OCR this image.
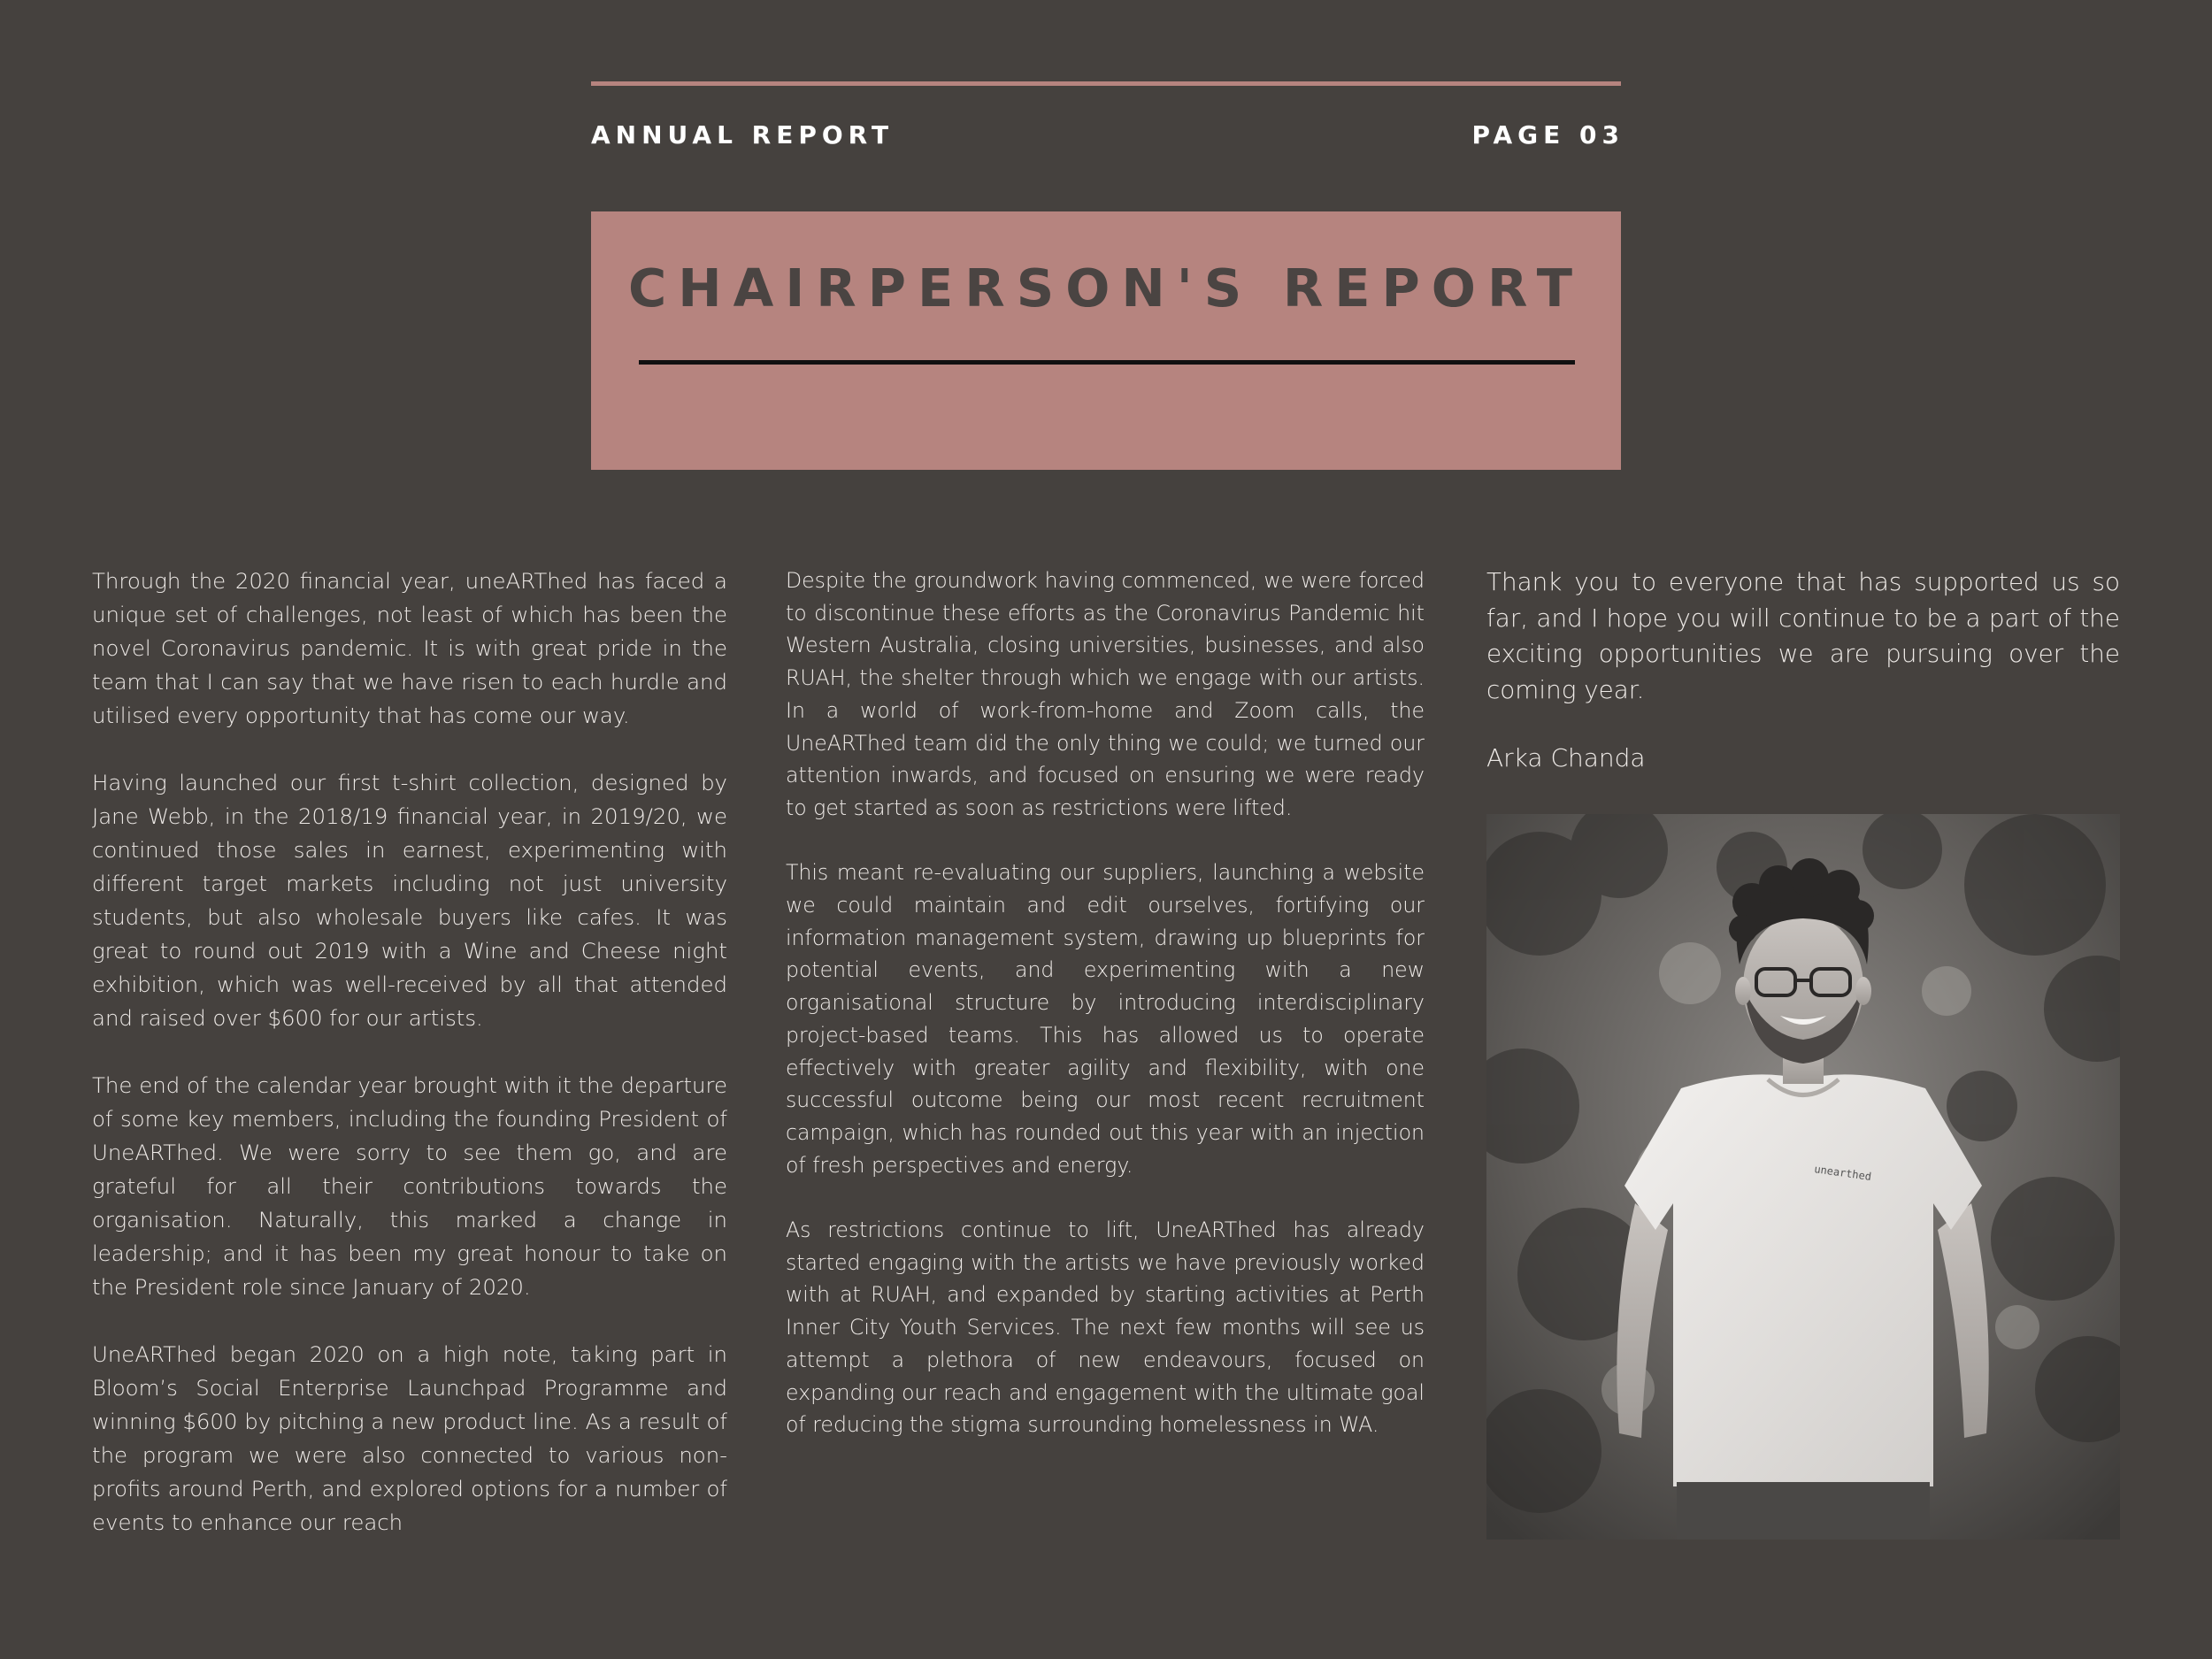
ANNUAL REPORT	PAGE 03
CHAIRPERSON'S REPORT

Through the 2020 financial year, uneARThed has faced a unique set of challenges, not least of which has been the novel Coronavirus pandemic. It is with great pride in the team that I can say that we have risen to each hurdle and utilised every opportunity that has come our way.

Having launched our first t-shirt collection, designed by Jane Webb, in the 2018/19 financial year, in 2019/20, we continued those sales in earnest, experimenting with different target markets including not just university students, but also wholesale buyers like cafes. It was great to round out 2019 with a Wine and Cheese night exhibition, which was well-received by all that attended and raised over $600 for our artists.

The end of the calendar year brought with it the departure of some key members, including the founding President of UneARThed. We were sorry to see them go, and are grateful for all their contributions towards the organisation. Naturally, this marked a change in leadership; and it has been my great honour to take on the President role since January of 2020.

UneARThed began 2020 on a high note, taking part in Bloom’s Social Enterprise Launchpad Programme and winning $600 by pitching a new product line. As a result of the program we were also connected to various non-profits around Perth, and explored options for a number of events to enhance our reach

Despite the groundwork having commenced, we were forced to discontinue these efforts as the Coronavirus Pandemic hit Western Australia, closing universities, businesses, and also RUAH, the shelter through which we engage with our artists. In a world of work-from-home and Zoom calls, the UneARThed team did the only thing we could; we turned our attention inwards, and focused on ensuring we were ready to get started as soon as restrictions were lifted.

This meant re-evaluating our suppliers, launching a website we could maintain and edit ourselves, fortifying our information management system, drawing up blueprints for potential events, and experimenting with a new organisational structure by introducing interdisciplinary project-based teams. This has allowed us to operate effectively with greater agility and flexibility, with one successful outcome being our most recent recruitment campaign, which has rounded out this year with an injection of fresh perspectives and energy.

As restrictions continue to lift, UneARThed has already started engaging with the artists we have previously worked with at RUAH, and expanded by starting activities at Perth Inner City Youth Services. The next few months will see us attempt a plethora of new endeavours, focused on expanding our reach and engagement with the ultimate goal of reducing the stigma surrounding homelessness in WA.

Thank you to everyone that has supported us so far, and I hope you will continue to be a part of the exciting opportunities we are pursuing over the coming year.

Arka Chanda
unearthed
